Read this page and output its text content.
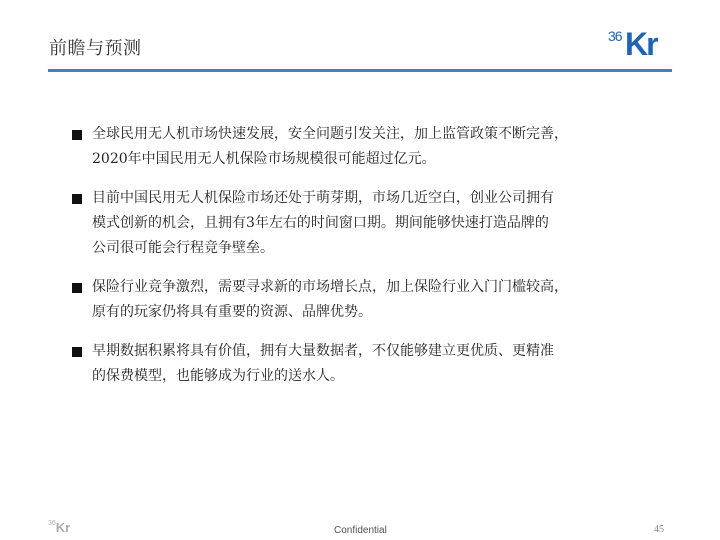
前瞻与预测
36 Kr
全球民用无人机市场快速发展，安全问题引发关注，加上监管政策不断完善，
2020年中国民用无人机保险市场规模很可能超过亿元。
目前中国民用无人机保险市场还处于萌芽期，市场几近空白，创业公司拥有
模式创新的机会，且拥有3年左右的时间窗口期。期间能够快速打造品牌的
公司很可能会行程竞争壁垒。
保险行业竞争激烈，需要寻求新的市场增长点，加上保险行业入门门槛较高，
原有的玩家仍将具有重要的资源、品牌优势。
早期数据积累将具有价值，拥有大量数据者，不仅能够建立更优质、更精准
的保费模型，也能够成为行业的送水人。
$^{36}$Kr	Confidential	45
